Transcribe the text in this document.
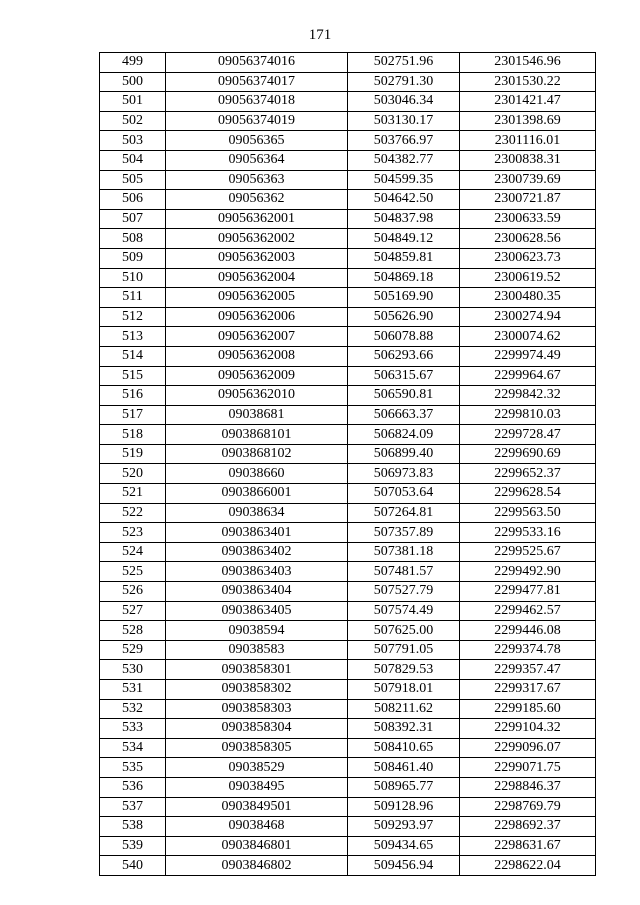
171
499	09056374016	502751.96	2301546.96
500	09056374017	502791.30	2301530.22
501	09056374018	503046.34	2301421.47
502	09056374019	503130.17	2301398.69
503	09056365	503766.97	2301116.01
504	09056364	504382.77	2300838.31
505	09056363	504599.35	2300739.69
506	09056362	504642.50	2300721.87
507	09056362001	504837.98	2300633.59
508	09056362002	504849.12	2300628.56
509	09056362003	504859.81	2300623.73
510	09056362004	504869.18	2300619.52
511	09056362005	505169.90	2300480.35
512	09056362006	505626.90	2300274.94
513	09056362007	506078.88	2300074.62
514	09056362008	506293.66	2299974.49
515	09056362009	506315.67	2299964.67
516	09056362010	506590.81	2299842.32
517	09038681	506663.37	2299810.03
518	0903868101	506824.09	2299728.47
519	0903868102	506899.40	2299690.69
520	09038660	506973.83	2299652.37
521	0903866001	507053.64	2299628.54
522	09038634	507264.81	2299563.50
523	0903863401	507357.89	2299533.16
524	0903863402	507381.18	2299525.67
525	0903863403	507481.57	2299492.90
526	0903863404	507527.79	2299477.81
527	0903863405	507574.49	2299462.57
528	09038594	507625.00	2299446.08
529	09038583	507791.05	2299374.78
530	0903858301	507829.53	2299357.47
531	0903858302	507918.01	2299317.67
532	0903858303	508211.62	2299185.60
533	0903858304	508392.31	2299104.32
534	0903858305	508410.65	2299096.07
535	09038529	508461.40	2299071.75
536	09038495	508965.77	2298846.37
537	0903849501	509128.96	2298769.79
538	09038468	509293.97	2298692.37
539	0903846801	509434.65	2298631.67
540	0903846802	509456.94	2298622.04
